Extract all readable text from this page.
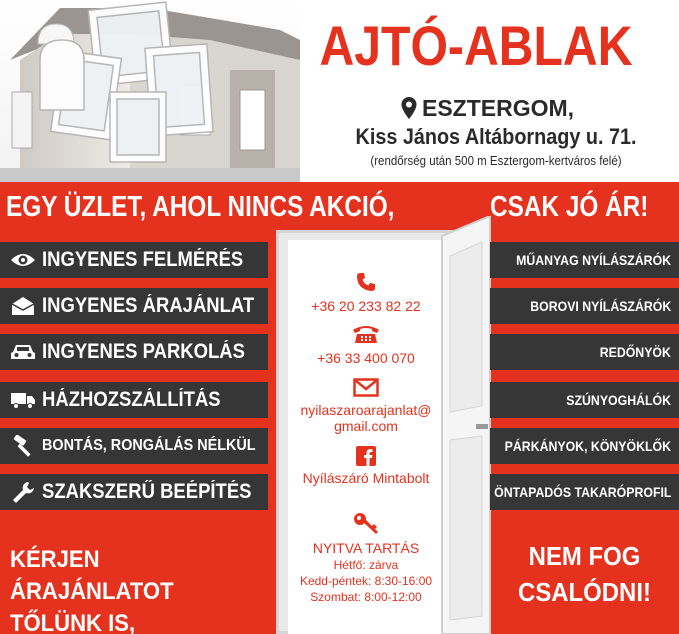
AJTÓ-ABLAK
ESZTERGOM,
Kiss János Altábornagy u. 71.
(rendőrség után 500 m Esztergom-kertváros felé)
EGY ÜZLET, AHOL NINCS AKCIÓ,	CSAK JÓ ÁR!
INGYENES FELMÉRÉS
INGYENES ÁRAJÁNLAT
INGYENES PARKOLÁS
HÁZHOZSZÁLLÍTÁS
BONTÁS, RONGÁLÁS NÉLKÜL
SZAKSZERŰ BEÉPÍTÉS
MŰANYAG NYÍLÁSZÁRÓK
BOROVI NYÍLÁSZÁRÓK
REDŐNYÖK
SZÚNYOGHÁLÓK
PÁRKÁNYOK, KÖNYÖKLŐK
ÖNTAPADÓS TAKARÓPROFIL
+36 20 233 82 22
+36 33 400 070
nyilaszaroarajanlat@
gmail.com
Nyílászáró Mintabolt
NYITVA TARTÁS
Hétfő: zárva
Kedd-péntek: 8:30-16:00
Szombat: 8:00-12:00
KÉRJEN ÁRAJÁNLATOT
TŐLÜNK IS,
NEM FOG
CSALÓDNI!
